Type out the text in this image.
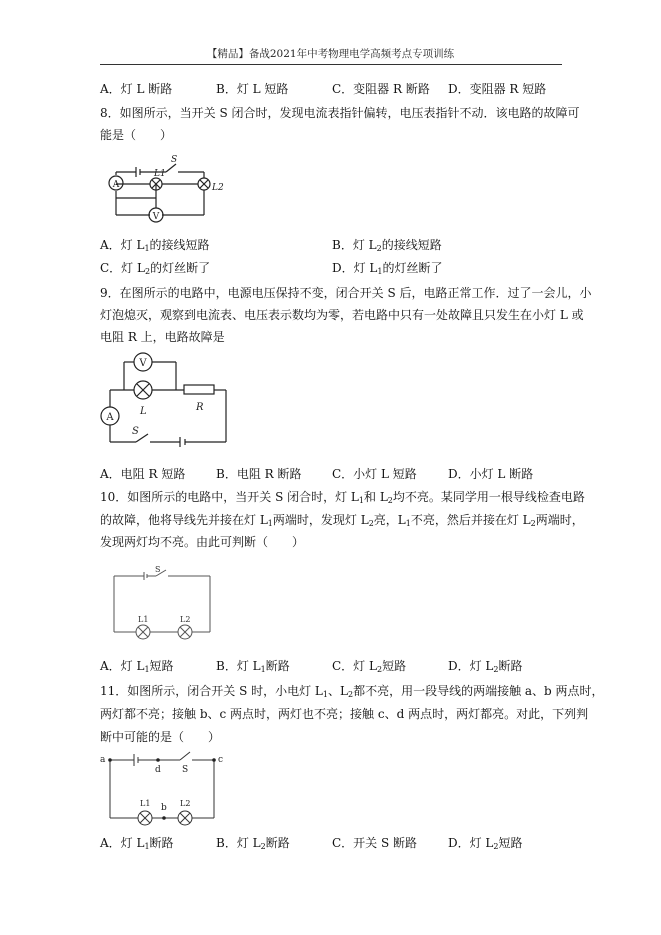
【精品】备战2021年中考物理电学高频考点专项训练
A．灯 L 断路	B．灯 L 短路	C．变阻器 R 断路 D．变阻器 R 短路
8．如图所示，当开关 S 闭合时，发现电流表指针偏转，电压表指针不动．该电路的故障可
能是（　　）
A
V
S
L1
L2
A．灯 $L_1$的接线短路	B．灯 $L_2$的接线短路
C．灯 $L_2$的灯丝断了	D．灯 $L_1$的灯丝断了
9．在图所示的电路中，电源电压保持不变，闭合开关 S 后，电路正常工作．过了一会儿，小
灯泡熄灭，观察到电流表、电压表示数均为零，若电路中只有一处故障且只发生在小灯 L 或
电阻 R 上，电路故障是
V
A
L	R
S
A．电阻 R 短路	B．电阻 R 断路	C．小灯 L 短路	D．小灯 L 断路
10．如图所示的电路中，当开关 S 闭合时，灯 $L_1$和 $L_2$均不亮。某同学用一根导线检查电路
的故障，他将导线先并接在灯 $L_1$两端时，发现灯 $L_2$亮，$L_1$不亮，然后并接在灯 $L_2$两端时，
发现两灯均不亮。由此可判断（　　）
S
L1	L2
A．灯 $L_1$短路	B．灯 $L_1$断路	C．灯 $L_2$短路	D．灯 $L_2$断路
11．如图所示，闭合开关 S 时，小电灯 $L_1$、$L_2$都不亮，用一段导线的两端接触 a、b 两点时，
两灯都不亮；接触 b、c 两点时，两灯也不亮；接触 c、d 两点时，两灯都亮。对此，下列判
断中可能的是（　　）
a	c
d
b
S
L1	L2
A．灯 $L_1$断路	B．灯 $L_2$断路	C．开关 S 断路	D．灯 $L_2$短路
